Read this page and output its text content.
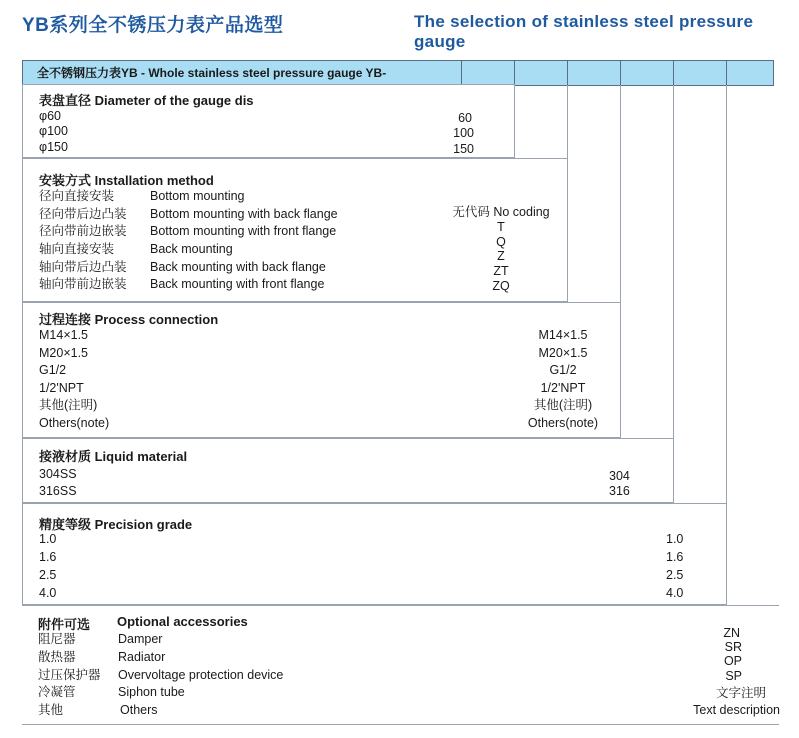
YB系列全不锈压力表产品选型	The selection of stainless steel pressure gauge
全不锈钢压力表YB - Whole stainless steel pressure gauge YB-
表盘直径 Diameter of the gauge dis
φ60
φ100
φ150
60
100
150
安装方式 Installation method
径向直接安装
径向带后边凸装
径向带前边嵌装
轴向直接安装
轴向带后边凸装
轴向带前边嵌装
Bottom mounting
Bottom mounting with back flange
Bottom mounting with front flange
Back mounting
Back mounting with back flange
Back mounting with front flange
无代码 No coding
T
Q
Z
ZT
ZQ
过程连接 Process connection
M14×1.5
M20×1.5
G1/2
1/2'NPT
其他(注明)
Others(note)
M14×1.5
M20×1.5
G1/2
1/2'NPT
其他(注明)
Others(note)
接液材质 Liquid material
304SS
316SS
304
316
精度等级 Precision grade
1.0
1.6
2.5
4.0
1.0
1.6
2.5
4.0
附件可选 Optional accessories
阻尼器
散热器
过压保护器
冷凝管
其他
Damper
Radiator
Overvoltage protection device
Siphon tube
Others
ZN
SR
OP
SP
文字注明
Text description
